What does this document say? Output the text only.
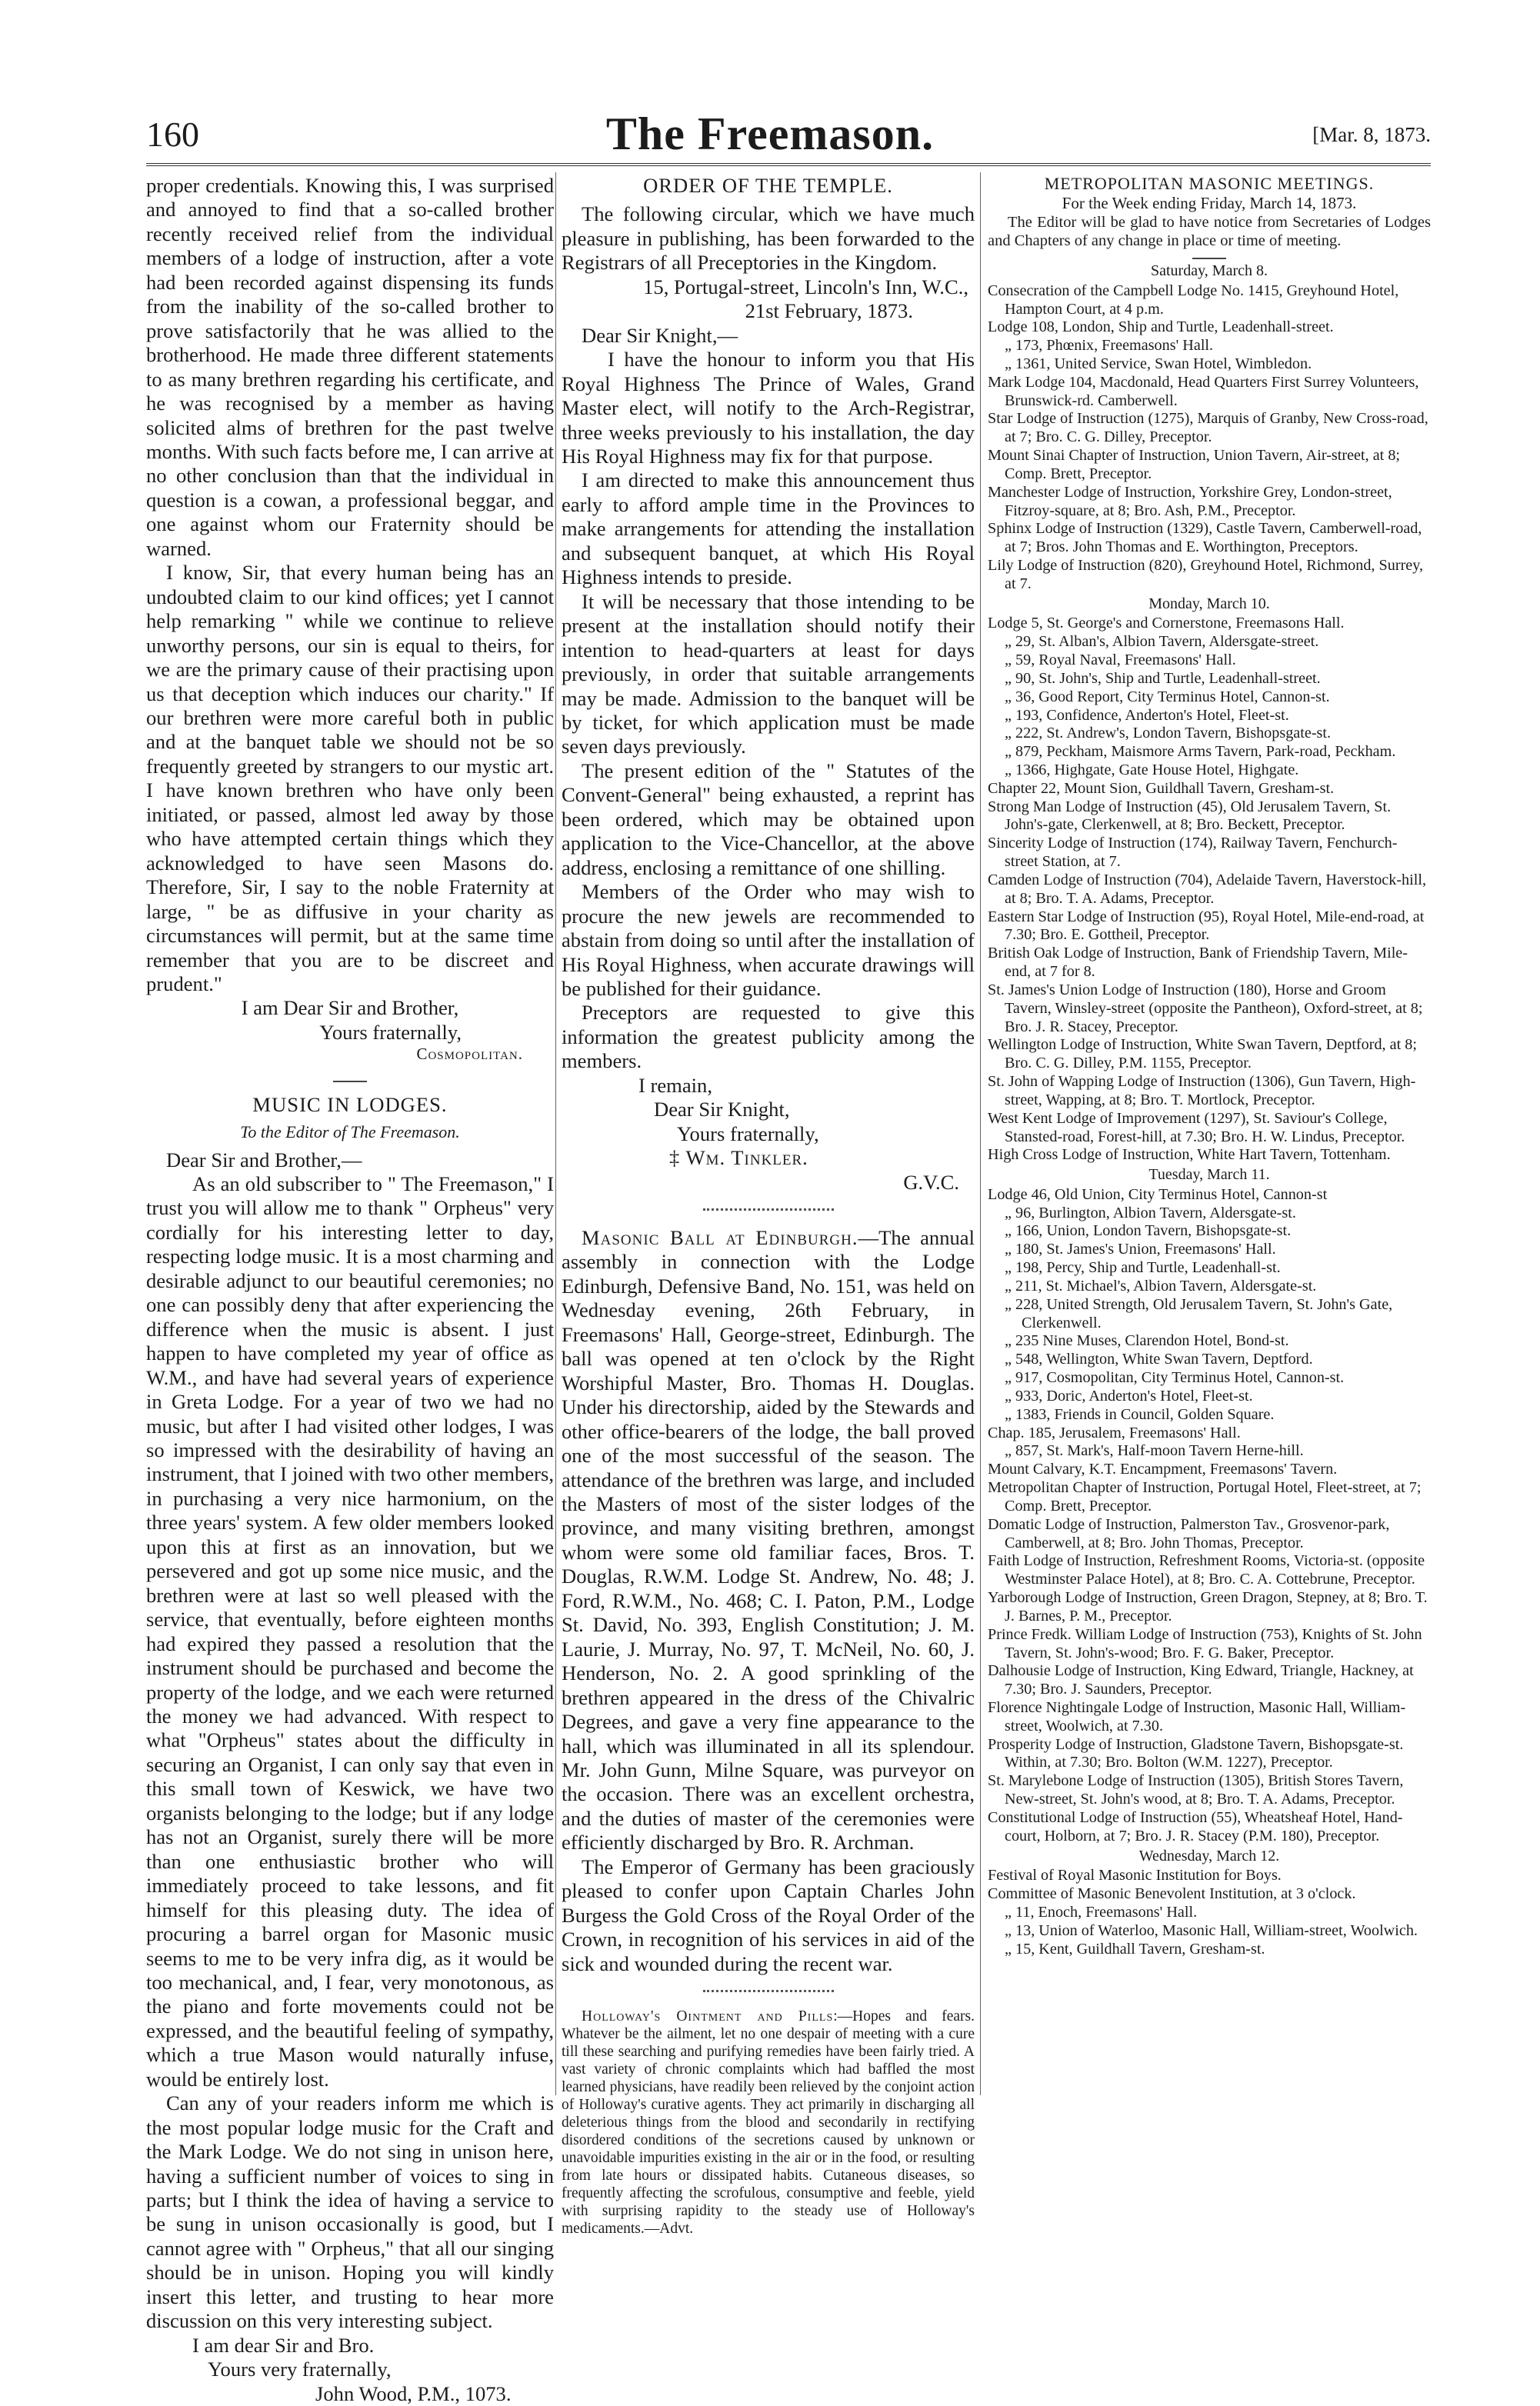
160	The Freemason.	[Mar. 8, 1873.

proper credentials. Knowing this, I was surprised and annoyed to find that a so-called brother recently received relief from the individual members of a lodge of instruction, after a vote had been recorded against dispensing its funds from the inability of the so-called brother to prove satisfactorily that he was allied to the brotherhood. He made three different statements to as many brethren regarding his certificate, and he was recognised by a member as having solicited alms of brethren for the past twelve months. With such facts before me, I can arrive at no other conclusion than that the individual in question is a cowan, a professional beggar, and one against whom our Fraternity should be warned.

I know, Sir, that every human being has an undoubted claim to our kind offices; yet I cannot help remarking " while we continue to relieve unworthy persons, our sin is equal to theirs, for we are the primary cause of their practising upon us that deception which induces our charity." If our brethren were more careful both in public and at the banquet table we should not be so frequently greeted by strangers to our mystic art. I have known brethren who have only been initiated, or passed, almost led away by those who have attempted certain things which they acknowledged to have seen Masons do. Therefore, Sir, I say to the noble Fraternity at large, " be as diffusive in your charity as circumstances will permit, but at the same time remember that you are to be discreet and prudent."

I am Dear Sir and Brother,

Yours fraternally,

Cosmopolitan.

MUSIC IN LODGES.
To the Editor of The Freemason.

Dear Sir and Brother,—

As an old subscriber to " The Freemason," I trust you will allow me to thank " Orpheus" very cordially for his interesting letter to day, respecting lodge music. It is a most charming and desirable adjunct to our beautiful ceremonies; no one can possibly deny that after experiencing the difference when the music is absent. I just happen to have completed my year of office as W.M., and have had several years of experience in Greta Lodge. For a year of two we had no music, but after I had visited other lodges, I was so impressed with the desirability of having an instrument, that I joined with two other members, in purchasing a very nice harmonium, on the three years' system. A few older members looked upon this at first as an innovation, but we persevered and got up some nice music, and the brethren were at last so well pleased with the service, that eventually, before eighteen months had expired they passed a resolution that the instrument should be purchased and become the property of the lodge, and we each were returned the money we had advanced. With respect to what "Orpheus" states about the difficulty in securing an Organist, I can only say that even in this small town of Keswick, we have two organists belonging to the lodge; but if any lodge has not an Organist, surely there will be more than one enthusiastic brother who will immediately proceed to take lessons, and fit himself for this pleasing duty. The idea of procuring a barrel organ for Masonic music seems to me to be very infra dig, as it would be too mechanical, and, I fear, very monotonous, as the piano and forte movements could not be expressed, and the beautiful feeling of sympathy, which a true Mason would naturally infuse, would be entirely lost.

Can any of your readers inform me which is the most popular lodge music for the Craft and the Mark Lodge. We do not sing in unison here, having a sufficient number of voices to sing in parts; but I think the idea of having a service to be sung in unison occasionally is good, but I cannot agree with " Orpheus," that all our singing should be in unison. Hoping you will kindly insert this letter, and trusting to hear more discussion on this very interesting subject.

I am dear Sir and Bro.

Yours very fraternally,

John Wood, P.M., 1073.

ORDER OF THE TEMPLE.

The following circular, which we have much pleasure in publishing, has been forwarded to the Registrars of all Preceptories in the Kingdom.

15, Portugal-street, Lincoln's Inn, W.C.,

21st February, 1873.

Dear Sir Knight,—

I have the honour to inform you that His Royal Highness The Prince of Wales, Grand Master elect, will notify to the Arch-Registrar, three weeks previously to his installation, the day His Royal Highness may fix for that purpose.

I am directed to make this announcement thus early to afford ample time in the Provinces to make arrangements for attending the installation and subsequent banquet, at which His Royal Highness intends to preside.

It will be necessary that those intending to be present at the installation should notify their intention to head-quarters at least for days previously, in order that suitable arrangements may be made. Admission to the banquet will be by ticket, for which application must be made seven days previously.

The present edition of the " Statutes of the Convent-General" being exhausted, a reprint has been ordered, which may be obtained upon application to the Vice-Chancellor, at the above address, enclosing a remittance of one shilling.

Members of the Order who may wish to procure the new jewels are recommended to abstain from doing so until after the installation of His Royal Highness, when accurate drawings will be published for their guidance.

Preceptors are requested to give this information the greatest publicity among the members.

I remain,

Dear Sir Knight,

Yours fraternally,

‡ Wm. Tinkler.

G.V.C.

Masonic Ball at Edinburgh.—The annual assembly in connection with the Lodge Edinburgh, Defensive Band, No. 151, was held on Wednesday evening, 26th February, in Freemasons' Hall, George-street, Edinburgh. The ball was opened at ten o'clock by the Right Worshipful Master, Bro. Thomas H. Douglas. Under his directorship, aided by the Stewards and other office-bearers of the lodge, the ball proved one of the most successful of the season. The attendance of the brethren was large, and included the Masters of most of the sister lodges of the province, and many visiting brethren, amongst whom were some old familiar faces, Bros. T. Douglas, R.W.M. Lodge St. Andrew, No. 48; J. Ford, R.W.M., No. 468; C. I. Paton, P.M., Lodge St. David, No. 393, English Constitution; J. M. Laurie, J. Murray, No. 97, T. McNeil, No. 60, J. Henderson, No. 2. A good sprinkling of the brethren appeared in the dress of the Chivalric Degrees, and gave a very fine appearance to the hall, which was illuminated in all its splendour. Mr. John Gunn, Milne Square, was purveyor on the occasion. There was an excellent orchestra, and the duties of master of the ceremonies were efficiently discharged by Bro. R. Archman.

The Emperor of Germany has been graciously pleased to confer upon Captain Charles John Burgess the Gold Cross of the Royal Order of the Crown, in recognition of his services in aid of the sick and wounded during the recent war.

Holloway's Ointment and Pills:—Hopes and fears. Whatever be the ailment, let no one despair of meeting with a cure till these searching and purifying remedies have been fairly tried. A vast variety of chronic complaints which had baffled the most learned physicians, have readily been relieved by the conjoint action of Holloway's curative agents. They act primarily in discharging all deleterious things from the blood and secondarily in rectifying disordered conditions of the secretions caused by unknown or unavoidable impurities existing in the air or in the food, or resulting from late hours or dissipated habits. Cutaneous diseases, so frequently affecting the scrofulous, consumptive and feeble, yield with surprising rapidity to the steady use of Holloway's medicaments.—Advt.

METROPOLITAN MASONIC MEETINGS.
For the Week ending Friday, March 14, 1873.

The Editor will be glad to have notice from Secretaries of Lodges and Chapters of any change in place or time of meeting.

Saturday, March 8.

Consecration of the Campbell Lodge No. 1415, Greyhound Hotel, Hampton Court, at 4 p.m.

Lodge 108, London, Ship and Turtle, Leadenhall-street.

„ 173, Phœnix, Freemasons' Hall.

„ 1361, United Service, Swan Hotel, Wimbledon.

Mark Lodge 104, Macdonald, Head Quarters First Surrey Volunteers, Brunswick-rd. Camberwell.

Star Lodge of Instruction (1275), Marquis of Granby, New Cross-road, at 7; Bro. C. G. Dilley, Preceptor.

Mount Sinai Chapter of Instruction, Union Tavern, Air-street, at 8; Comp. Brett, Preceptor.

Manchester Lodge of Instruction, Yorkshire Grey, London-street, Fitzroy-square, at 8; Bro. Ash, P.M., Preceptor.

Sphinx Lodge of Instruction (1329), Castle Tavern, Camberwell-road, at 7; Bros. John Thomas and E. Worthington, Preceptors.

Lily Lodge of Instruction (820), Greyhound Hotel, Richmond, Surrey, at 7.

Monday, March 10.

Lodge 5, St. George's and Cornerstone, Freemasons Hall.

„ 29, St. Alban's, Albion Tavern, Aldersgate-street.

„ 59, Royal Naval, Freemasons' Hall.

„ 90, St. John's, Ship and Turtle, Leadenhall-street.

„ 36, Good Report, City Terminus Hotel, Cannon-st.

„ 193, Confidence, Anderton's Hotel, Fleet-st.

„ 222, St. Andrew's, London Tavern, Bishopsgate-st.

„ 879, Peckham, Maismore Arms Tavern, Park-road, Peckham.

„ 1366, Highgate, Gate House Hotel, Highgate.

Chapter 22, Mount Sion, Guildhall Tavern, Gresham-st.

Strong Man Lodge of Instruction (45), Old Jerusalem Tavern, St. John's-gate, Clerkenwell, at 8; Bro. Beckett, Preceptor.

Sincerity Lodge of Instruction (174), Railway Tavern, Fenchurch-street Station, at 7.

Camden Lodge of Instruction (704), Adelaide Tavern, Haverstock-hill, at 8; Bro. T. A. Adams, Preceptor.

Eastern Star Lodge of Instruction (95), Royal Hotel, Mile-end-road, at 7.30; Bro. E. Gottheil, Preceptor.

British Oak Lodge of Instruction, Bank of Friendship Tavern, Mile-end, at 7 for 8.

St. James's Union Lodge of Instruction (180), Horse and Groom Tavern, Winsley-street (opposite the Pantheon), Oxford-street, at 8; Bro. J. R. Stacey, Preceptor.

Wellington Lodge of Instruction, White Swan Tavern, Deptford, at 8; Bro. C. G. Dilley, P.M. 1155, Preceptor.

St. John of Wapping Lodge of Instruction (1306), Gun Tavern, High-street, Wapping, at 8; Bro. T. Mortlock, Preceptor.

West Kent Lodge of Improvement (1297), St. Saviour's College, Stansted-road, Forest-hill, at 7.30; Bro. H. W. Lindus, Preceptor.

High Cross Lodge of Instruction, White Hart Tavern, Tottenham.

Tuesday, March 11.

Lodge 46, Old Union, City Terminus Hotel, Cannon-st

„ 96, Burlington, Albion Tavern, Aldersgate-st.

„ 166, Union, London Tavern, Bishopsgate-st.

„ 180, St. James's Union, Freemasons' Hall.

„ 198, Percy, Ship and Turtle, Leadenhall-st.

„ 211, St. Michael's, Albion Tavern, Aldersgate-st.

„ 228, United Strength, Old Jerusalem Tavern, St. John's Gate, Clerkenwell.

„ 235 Nine Muses, Clarendon Hotel, Bond-st.

„ 548, Wellington, White Swan Tavern, Deptford.

„ 917, Cosmopolitan, City Terminus Hotel, Cannon-st.

„ 933, Doric, Anderton's Hotel, Fleet-st.

„ 1383, Friends in Council, Golden Square.

Chap. 185, Jerusalem, Freemasons' Hall.

„ 857, St. Mark's, Half-moon Tavern Herne-hill.

Mount Calvary, K.T. Encampment, Freemasons' Tavern.

Metropolitan Chapter of Instruction, Portugal Hotel, Fleet-street, at 7; Comp. Brett, Preceptor.

Domatic Lodge of Instruction, Palmerston Tav., Grosvenor-park, Camberwell, at 8; Bro. John Thomas, Preceptor.

Faith Lodge of Instruction, Refreshment Rooms, Victoria-st. (opposite Westminster Palace Hotel), at 8; Bro. C. A. Cottebrune, Preceptor.

Yarborough Lodge of Instruction, Green Dragon, Stepney, at 8; Bro. T. J. Barnes, P. M., Preceptor.

Prince Fredk. William Lodge of Instruction (753), Knights of St. John Tavern, St. John's-wood; Bro. F. G. Baker, Preceptor.

Dalhousie Lodge of Instruction, King Edward, Triangle, Hackney, at 7.30; Bro. J. Saunders, Preceptor.

Florence Nightingale Lodge of Instruction, Masonic Hall, William-street, Woolwich, at 7.30.

Prosperity Lodge of Instruction, Gladstone Tavern, Bishopsgate-st. Within, at 7.30; Bro. Bolton (W.M. 1227), Preceptor.

St. Marylebone Lodge of Instruction (1305), British Stores Tavern, New-street, St. John's wood, at 8; Bro. T. A. Adams, Preceptor.

Constitutional Lodge of Instruction (55), Wheatsheaf Hotel, Hand-court, Holborn, at 7; Bro. J. R. Stacey (P.M. 180), Preceptor.

Wednesday, March 12.

Festival of Royal Masonic Institution for Boys.

Committee of Masonic Benevolent Institution, at 3 o'clock.

„ 11, Enoch, Freemasons' Hall.

„ 13, Union of Waterloo, Masonic Hall, William-street, Woolwich.

„ 15, Kent, Guildhall Tavern, Gresham-st.
